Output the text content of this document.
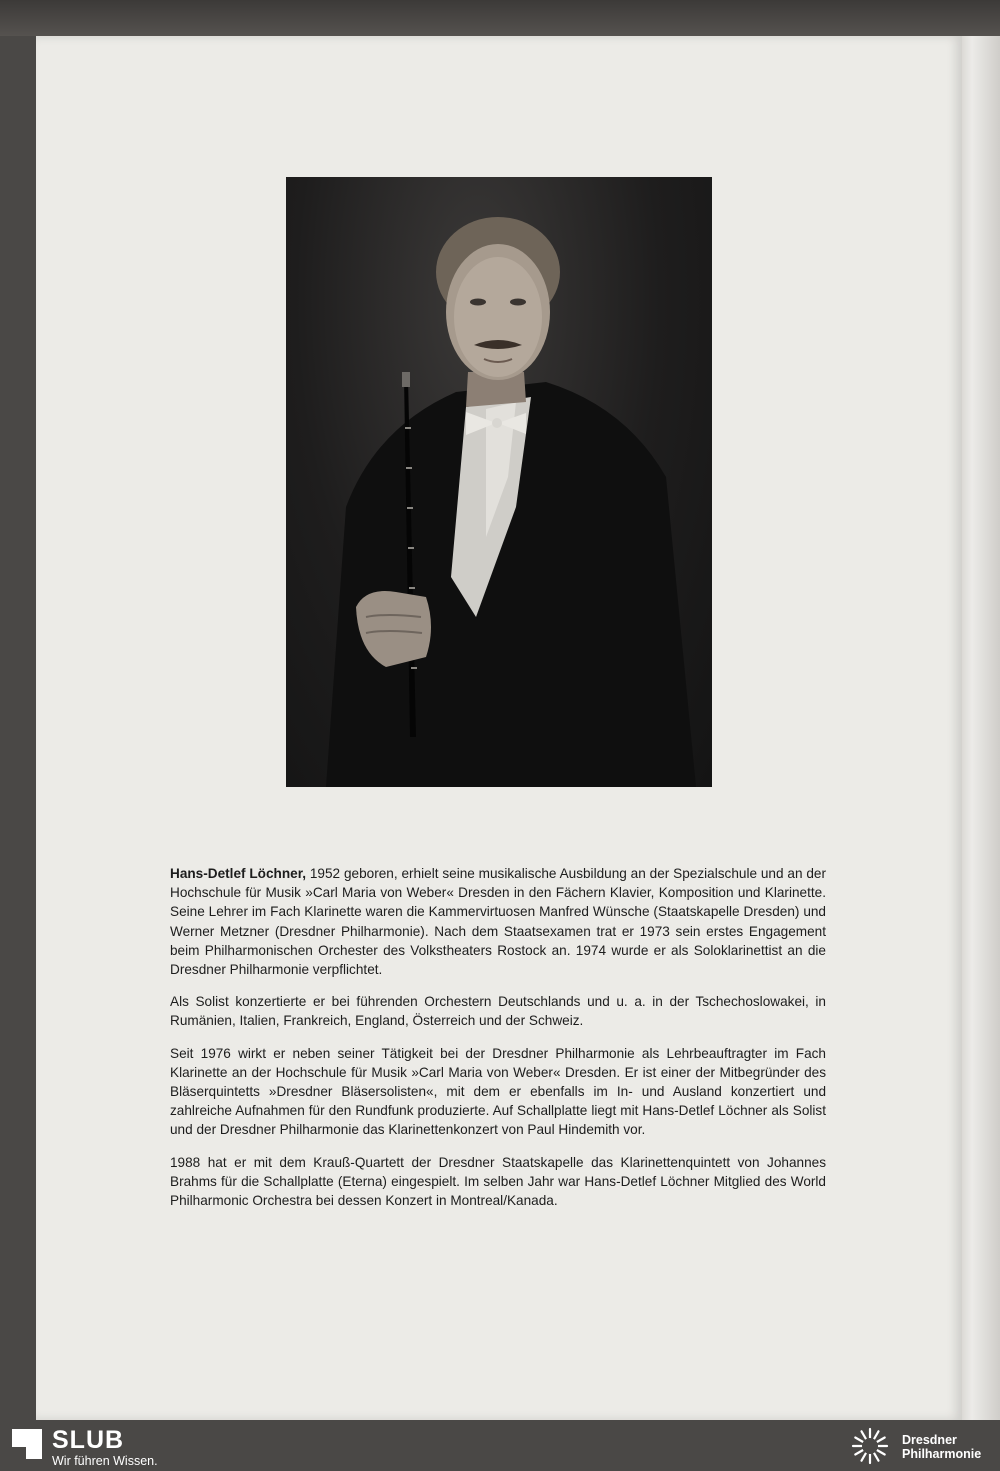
Hans-Detlef Löchner, 1952 geboren, erhielt seine musikalische Ausbildung an der Spezialschule und an der Hochschule für Musik »Carl Maria von Weber« Dresden in den Fächern Klavier, Komposition und Klarinette. Seine Lehrer im Fach Klarinette waren die Kammervirtuosen Manfred Wünsche (Staatskapelle Dresden) und Werner Metzner (Dresdner Philharmonie). Nach dem Staatsexamen trat er 1973 sein erstes Engagement beim Philharmonischen Orchester des Volkstheaters Rostock an. 1974 wurde er als Soloklarinettist an die Dresdner Philharmonie verpflichtet.

Als Solist konzertierte er bei führenden Orchestern Deutschlands und u. a. in der Tschechoslowakei, in Rumänien, Italien, Frankreich, England, Österreich und der Schweiz.

Seit 1976 wirkt er neben seiner Tätigkeit bei der Dresdner Philharmonie als Lehrbeauftragter im Fach Klarinette an der Hochschule für Musik »Carl Maria von Weber« Dresden. Er ist einer der Mitbegründer des Bläserquintetts »Dresdner Bläsersolisten«, mit dem er ebenfalls im In- und Ausland konzertiert und zahlreiche Aufnahmen für den Rundfunk produzierte. Auf Schallplatte liegt mit Hans-Detlef Löchner als Solist und der Dresdner Philharmonie das Klarinettenkonzert von Paul Hindemith vor.

1988 hat er mit dem Krauß-Quartett der Dresdner Staatskapelle das Klarinettenquintett von Johannes Brahms für die Schallplatte (Eterna) eingespielt. Im selben Jahr war Hans-Detlef Löchner Mitglied des World Philharmonic Orchestra bei dessen Konzert in Montreal/Kanada.

SLUB
Wir führen Wissen.
Dresdner
Philharmonie
